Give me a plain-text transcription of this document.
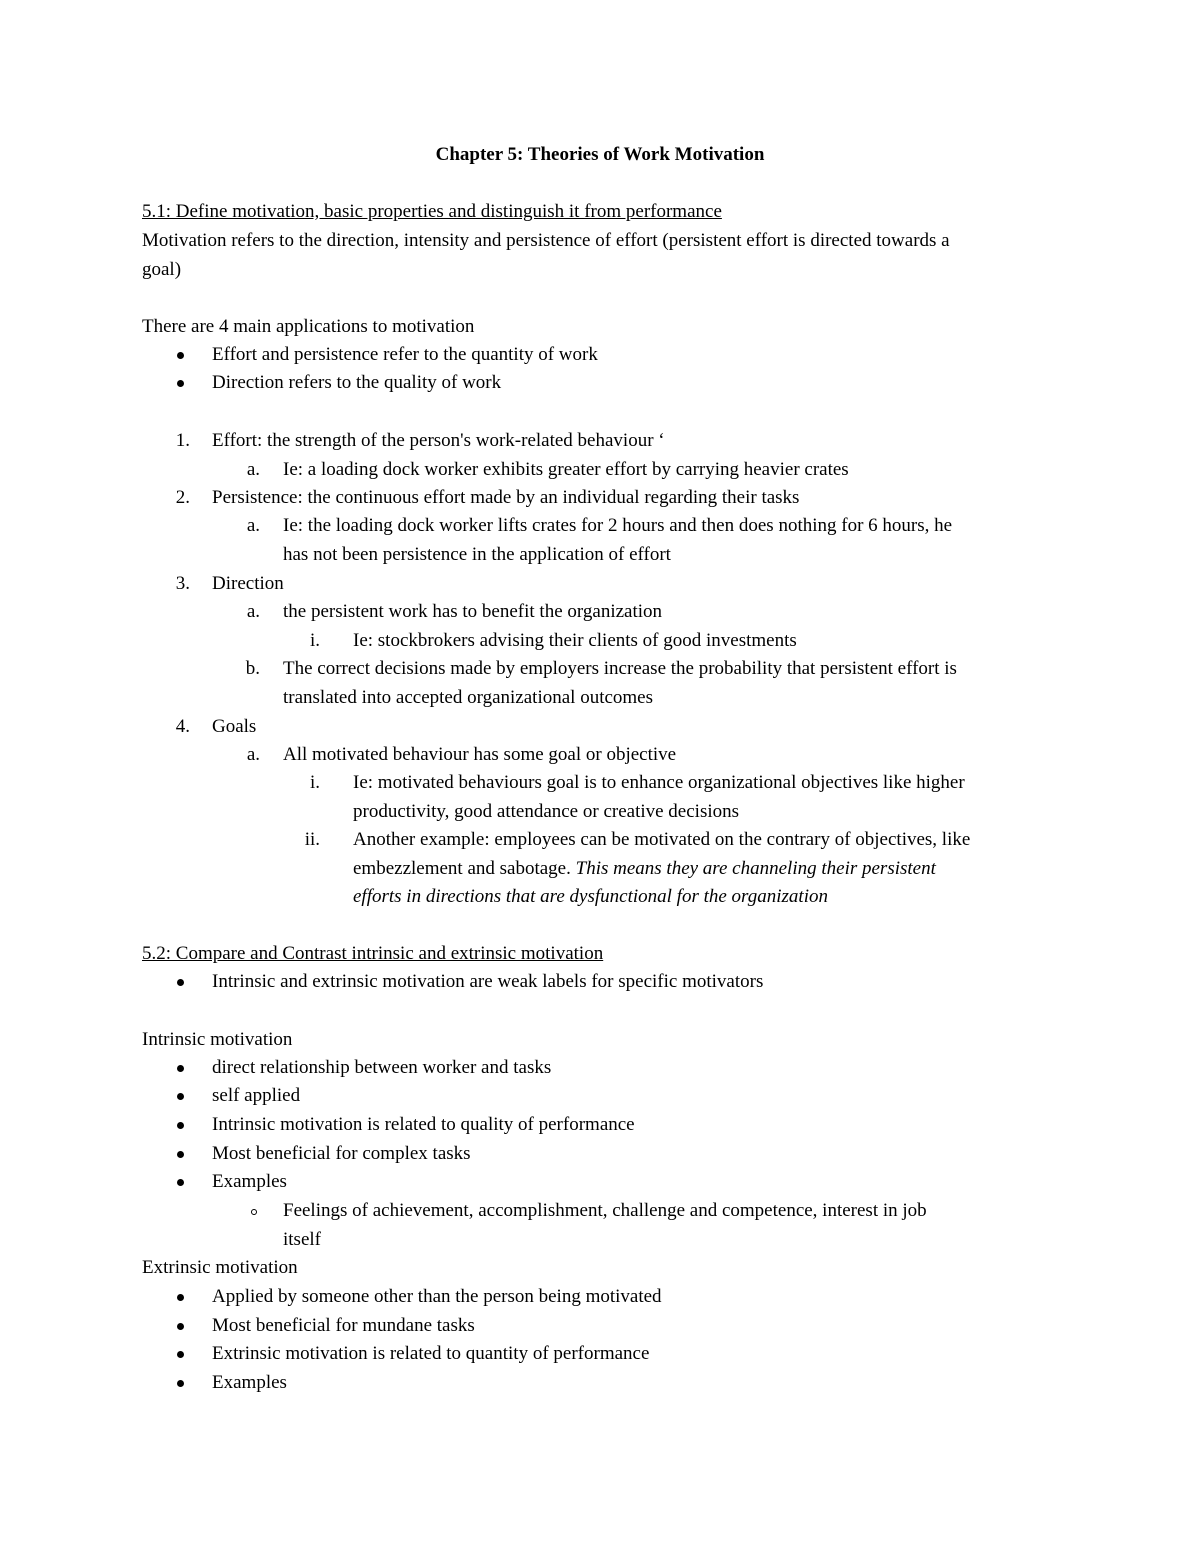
Chapter 5: Theories of Work Motivation
5.1: Define motivation, basic properties and distinguish it from performance
Motivation refers to the direction, intensity and persistence of effort (persistent effort is directed towards a
goal)
There are 4 main applications to motivation
Effort and persistence refer to the quantity of work
Direction refers to the quality of work
1. Effort: the strength of the person's work-related behaviour ‘
a. Ie: a loading dock worker exhibits greater effort by carrying heavier crates
2. Persistence: the continuous effort made by an individual regarding their tasks
a. Ie: the loading dock worker lifts crates for 2 hours and then does nothing for 6 hours, he
has not been persistence in the application of effort
3. Direction
a. the persistent work has to benefit the organization
i. Ie: stockbrokers advising their clients of good investments
b. The correct decisions made by employers increase the probability that persistent effort is
translated into accepted organizational outcomes
4. Goals
a. All motivated behaviour has some goal or objective
i. Ie: motivated behaviours goal is to enhance organizational objectives like higher
productivity, good attendance or creative decisions
ii. Another example: employees can be motivated on the contrary of objectives, like
embezzlement and sabotage. This means they are channeling their persistent
efforts in directions that are dysfunctional for the organization
5.2: Compare and Contrast intrinsic and extrinsic motivation
Intrinsic and extrinsic motivation are weak labels for specific motivators
Intrinsic motivation
direct relationship between worker and tasks
self applied
Intrinsic motivation is related to quality of performance
Most beneficial for complex tasks
Examples
Feelings of achievement, accomplishment, challenge and competence, interest in job
itself
Extrinsic motivation
Applied by someone other than the person being motivated
Most beneficial for mundane tasks
Extrinsic motivation is related to quantity of performance
Examples
